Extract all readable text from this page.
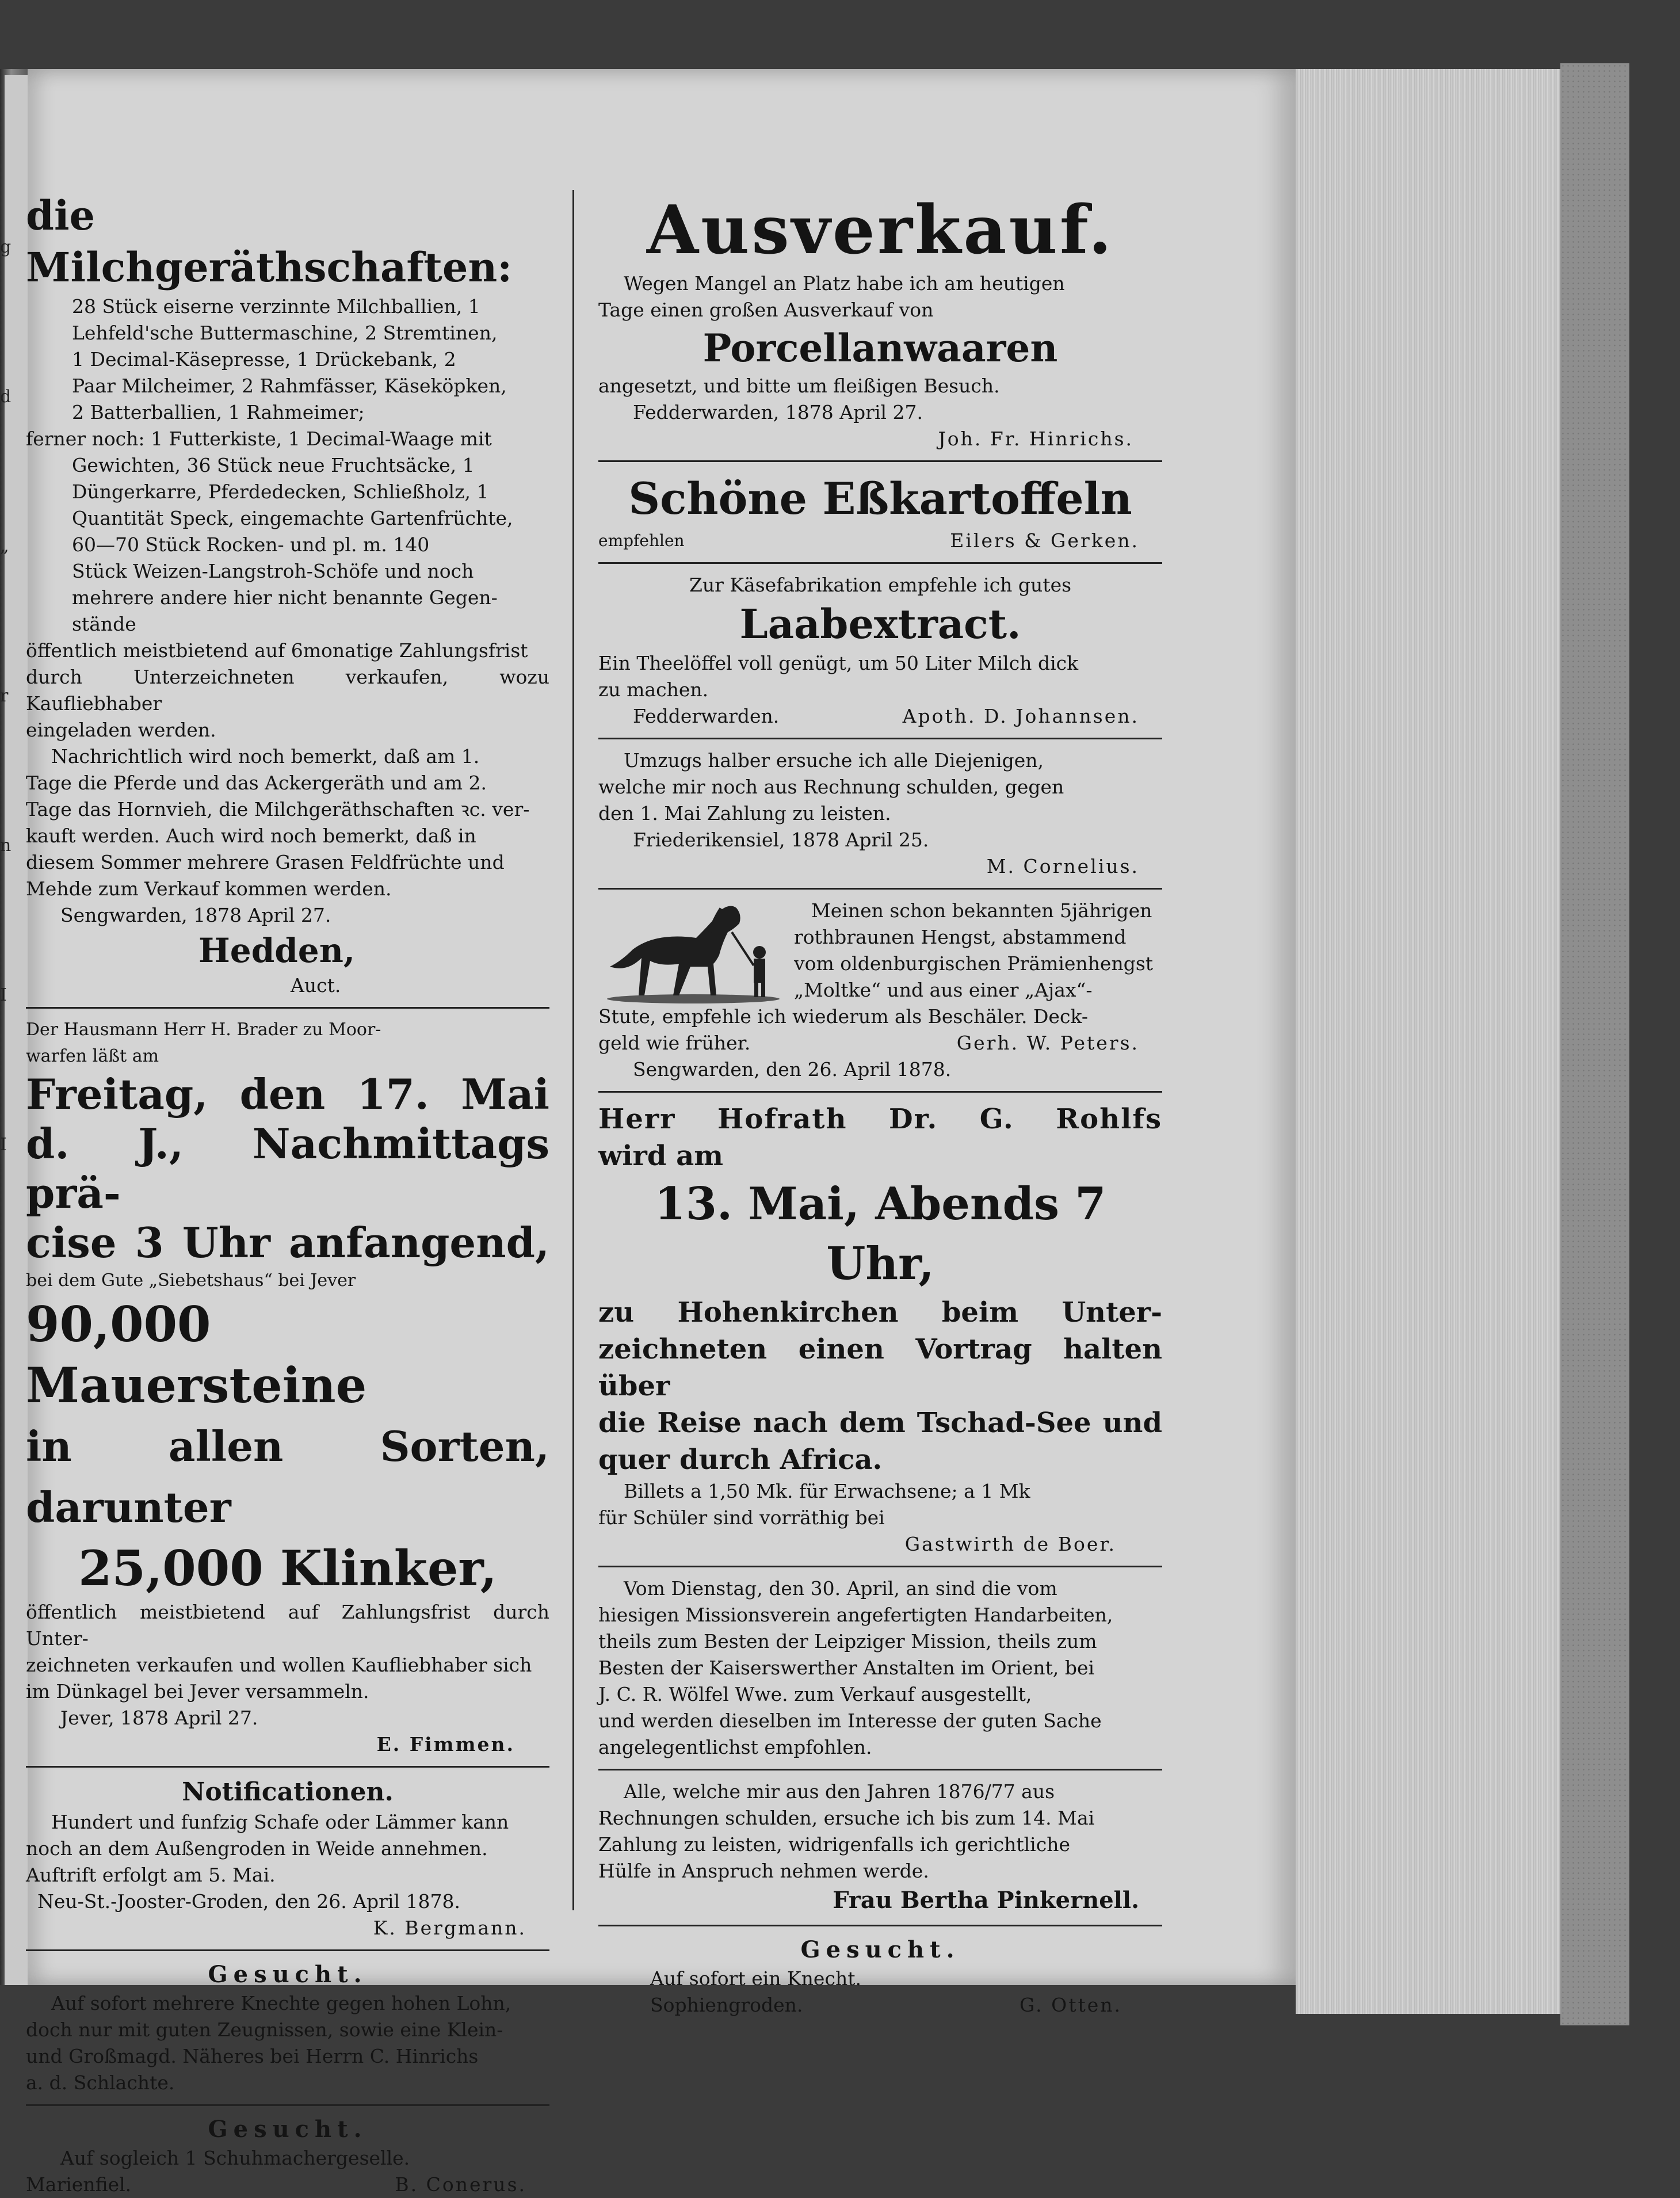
g
d
„
r
n
I
I
die Milchgeräthschaften:
28 Stück eiserne verzinnte Milchballien, 1
Lehfeld'sche Buttermaschine, 2 Stremtinen,
1 Decimal-Käsepresse, 1 Drückebank, 2
Paar Milcheimer, 2 Rahmfässer, Käseköpken,
2 Batterballien, 1 Rahmeimer;
ferner noch: 1 Futterkiste, 1 Decimal-Waage mit
Gewichten, 36 Stück neue Fruchtsäcke, 1
Düngerkarre, Pferdedecken, Schließholz, 1
Quantität Speck, eingemachte Gartenfrüchte,
60—70 Stück Rocken- und pl. m. 140
Stück Weizen-Langstroh-Schöfe und noch
mehrere andere hier nicht benannte Gegen-
stände
öffentlich meistbietend auf 6monatige Zahlungsfrist
durch Unterzeichneten verkaufen, wozu Kaufliebhaber
eingeladen werden.
Nachrichtlich wird noch bemerkt, daß am 1.
Tage die Pferde und das Ackergeräth und am 2.
Tage das Hornvieh, die Milchgeräthschaften ꝛc. ver-
kauft werden. Auch wird noch bemerkt, daß in
diesem Sommer mehrere Grasen Feldfrüchte und
Mehde zum Verkauf kommen werden.
Sengwarden, 1878 April 27.
Hedden,
Auct.
Der Hausmann Herr H. Brader zu Moor-
warfen läßt am
Freitag, den 17. Mai
d. J., Nachmittags prä-
cise 3 Uhr anfangend,
bei dem Gute „Siebetshaus“ bei Jever
90,000 Mauersteine
in allen Sorten, darunter
25,000 Klinker,
öffentlich meistbietend auf Zahlungsfrist durch Unter-
zeichneten verkaufen und wollen Kaufliebhaber sich
im Dünkagel bei Jever versammeln.
Jever, 1878 April 27.
E. Fimmen.
Notificationen.
Hundert und funfzig Schafe oder Lämmer kann
noch an dem Außengroden in Weide annehmen.
Auftrift erfolgt am 5. Mai.
Neu-St.-Jooster-Groden, den 26. April 1878.
K. Bergmann.
Gesucht.
Auf sofort mehrere Knechte gegen hohen Lohn,
doch nur mit guten Zeugnissen, sowie eine Klein-
und Großmagd. Näheres bei Herrn C. Hinrichs
a. d. Schlachte.
Gesucht.
Auf sogleich 1 Schuhmachergeselle.
Marienfiel.	B. Conerus.
Ausverkauf.
Wegen Mangel an Platz habe ich am heutigen
Tage einen großen Ausverkauf von
Porcellanwaaren
angesetzt, und bitte um fleißigen Besuch.
Fedderwarden, 1878 April 27.
Joh. Fr. Hinrichs.
Schöne Eßkartoffeln
empfehlen	Eilers & Gerken.
Zur Käsefabrikation empfehle ich gutes
Laabextract.
Ein Theelöffel voll genügt, um 50 Liter Milch dick
zu machen.
Fedderwarden.	Apoth. D. Johannsen.
Umzugs halber ersuche ich alle Diejenigen,
welche mir noch aus Rechnung schulden, gegen
den 1. Mai Zahlung zu leisten.
Friederikensiel, 1878 April 25.
M. Cornelius.
Meinen schon bekannten 5jährigen
rothbraunen Hengst, abstammend
vom oldenburgischen Prämienhengst
„Moltke“ und aus einer „Ajax“-
Stute, empfehle ich wiederum als Beschäler. Deck-
geld wie früher.	Gerh. W. Peters.
Sengwarden, den 26. April 1878.
Herr Hofrath Dr. G. Rohlfs
wird am
13. Mai, Abends 7 Uhr,
zu Hohenkirchen beim Unter-
zeichneten einen Vortrag halten über
die Reise nach dem Tschad-See und
quer durch Africa.
Billets a 1,50 Mk. für Erwachsene; a 1 Mk
für Schüler sind vorräthig bei
Gastwirth de Boer.
Vom Dienstag, den 30. April, an sind die vom
hiesigen Missionsverein angefertigten Handarbeiten,
theils zum Besten der Leipziger Mission, theils zum
Besten der Kaiserswerther Anstalten im Orient, bei
J. C. R. Wölfel Wwe. zum Verkauf ausgestellt,
und werden dieselben im Interesse der guten Sache
angelegentlichst empfohlen.
Alle, welche mir aus den Jahren 1876/77 aus
Rechnungen schulden, ersuche ich bis zum 14. Mai
Zahlung zu leisten, widrigenfalls ich gerichtliche
Hülfe in Anspruch nehmen werde.
Frau Bertha Pinkernell.
Gesucht.
Auf sofort ein Knecht.
Sophiengroden.	G. Otten.
